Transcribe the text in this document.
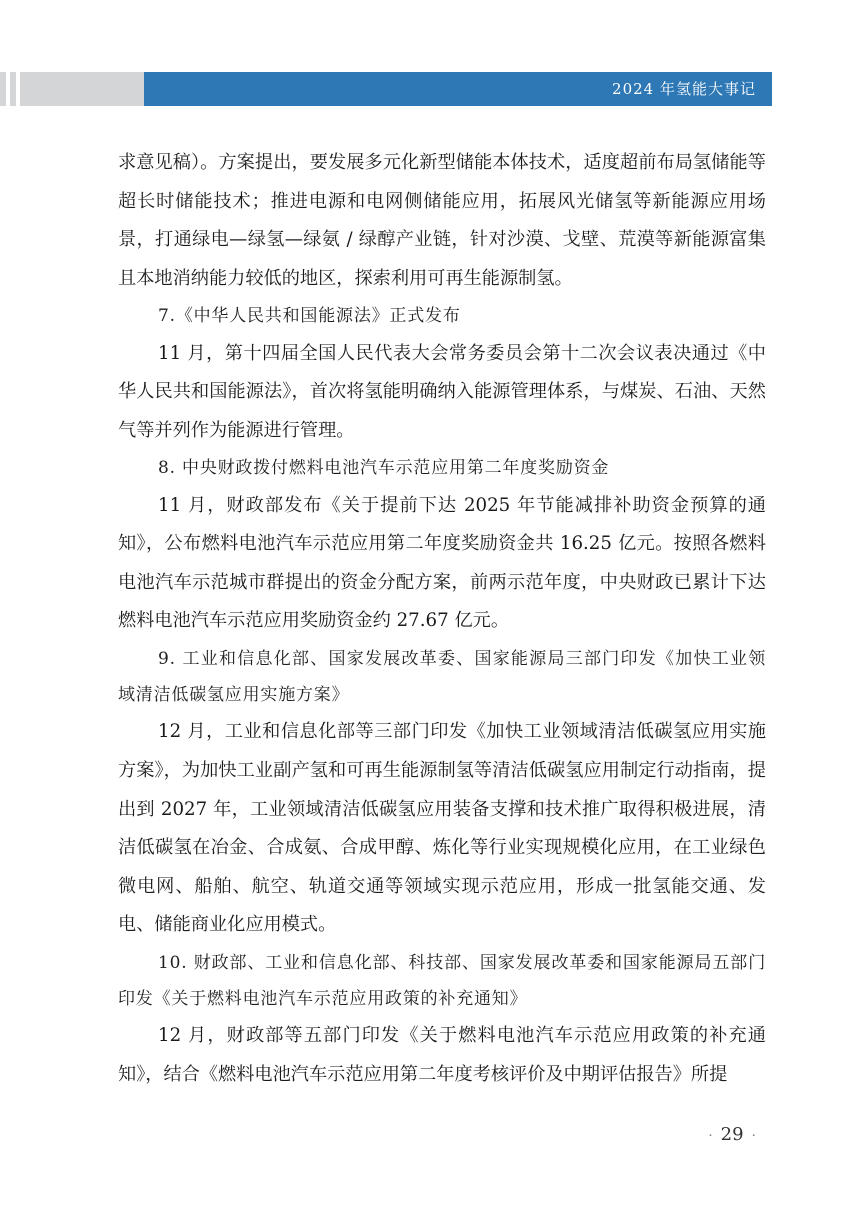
2024 年氢能大事记

求意见稿）。方案提出，要发展多元化新型储能本体技术，适度超前布局氢储能等超长时储能技术；推进电源和电网侧储能应用，拓展风光储氢等新能源应用场景，打通绿电—绿氢—绿氨 / 绿醇产业链，针对沙漠、戈壁、荒漠等新能源富集且本地消纳能力较低的地区，探索利用可再生能源制氢。

7.《中华人民共和国能源法》正式发布

11 月，第十四届全国人民代表大会常务委员会第十二次会议表决通过《中华人民共和国能源法》，首次将氢能明确纳入能源管理体系，与煤炭、石油、天然气等并列作为能源进行管理。

8. 中央财政拨付燃料电池汽车示范应用第二年度奖励资金

11 月，财政部发布《关于提前下达 2025 年节能减排补助资金预算的通知》，公布燃料电池汽车示范应用第二年度奖励资金共 16.25 亿元。按照各燃料电池汽车示范城市群提出的资金分配方案，前两示范年度，中央财政已累计下达燃料电池汽车示范应用奖励资金约 27.67 亿元。

9. 工业和信息化部、国家发展改革委、国家能源局三部门印发《加快工业领域清洁低碳氢应用实施方案》

12 月，工业和信息化部等三部门印发《加快工业领域清洁低碳氢应用实施方案》，为加快工业副产氢和可再生能源制氢等清洁低碳氢应用制定行动指南，提出到 2027 年，工业领域清洁低碳氢应用装备支撑和技术推广取得积极进展，清洁低碳氢在冶金、合成氨、合成甲醇、炼化等行业实现规模化应用，在工业绿色微电网、船舶、航空、轨道交通等领域实现示范应用，形成一批氢能交通、发电、储能商业化应用模式。

10. 财政部、工业和信息化部、科技部、国家发展改革委和国家能源局五部门印发《关于燃料电池汽车示范应用政策的补充通知》

12 月，财政部等五部门印发《关于燃料电池汽车示范应用政策的补充通知》，结合《燃料电池汽车示范应用第二年度考核评价及中期评估报告》所提

· 29 ·
